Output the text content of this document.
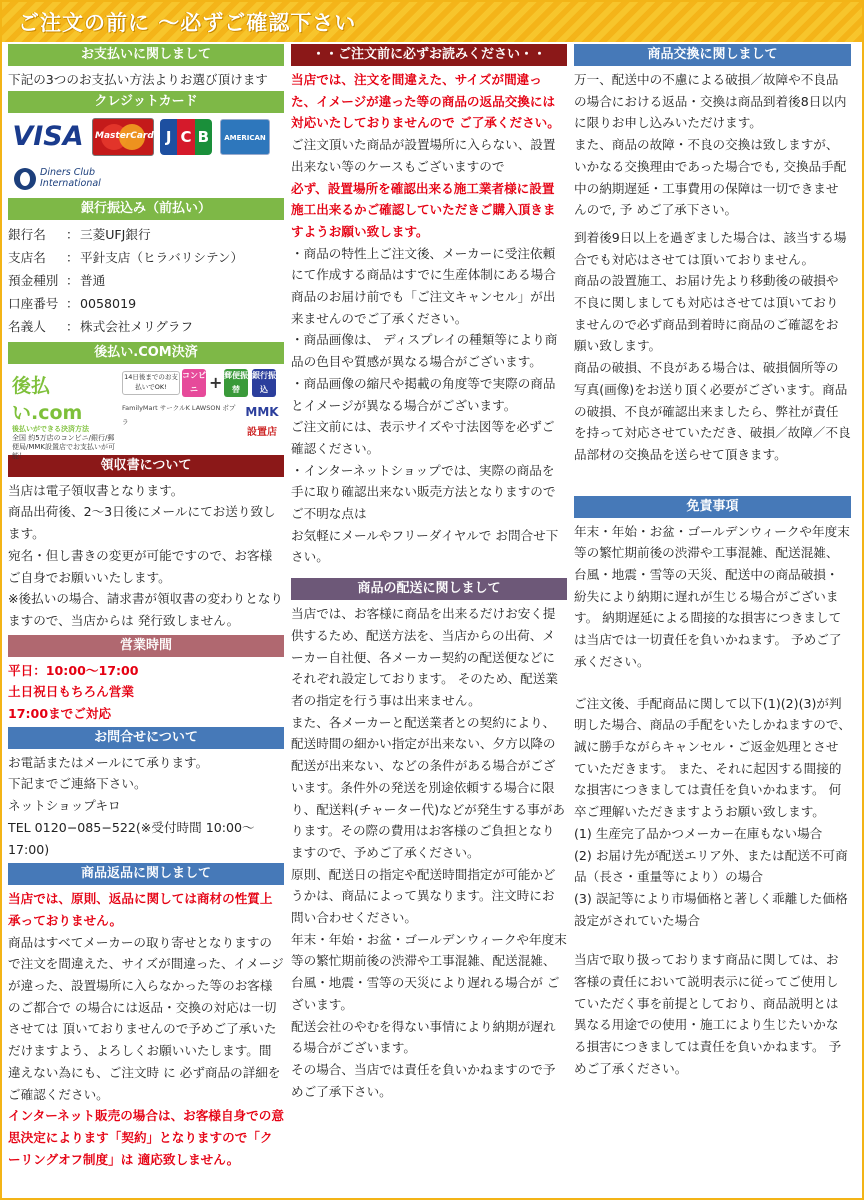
ご注文の前に ～必ずご確認下さい
お支払いに関しまして

下記の3つのお支払い方法よりお選び頂けます

クレジットカード
VISA MasterCard J C B	AMERICAN EXPRESS
Diners Club
International
銀行振込み（前払い）
銀行名	： 三菱UFJ銀行
支店名	： 平針支店（ヒラバリシテン）
預金種別 ： 普通
口座番号 ： 0058019
名義人	： 株式会社メリグラフ
後払い.COM決済
後払い.com
後払いができる決済方法
全国 約5万店のコンビニ/銀行/郵便局/MMK設置店でお支払いが可能！
14日後までのお支払いでOK!
コンビニ + 郵便振替
銀行振込
FamilyMart サークルK LAWSON ポプラ
MMK
設置店
領収書について

当店は電子領収書となります。

商品出荷後、2〜3日後にメールにてお送り致します。

宛名・但し書きの変更が可能ですので、お客様ご自身でお願いいたします。

※後払いの場合、請求書が領収書の変わりとなりますので、当店からは 発行致しません。

営業時間

平日：10:00〜17:00

土日祝日もちろん営業

17:00までご対応

お問合せについて

お電話またはメールにて承ります。

下記までご連絡下さい。

ネットショップキロ

TEL 0120−085−522(※受付時間 10:00〜17:00)

商品返品に関しまして

当店では、原則、返品に関しては商材の性質上承っておりません。

商品はすべてメーカーの取り寄せとなりますので注文を間違えた、サイズが間違った、イメージが違った、設置場所に入らなかった等のお客様のご都合で の場合には返品・交換の対応は一切させては 頂いておりませんので予めご了承いただけますよう、よろしくお願いいたします。間違えない為にも、ご注文時 に 必ず商品の詳細をご確認ください。

インターネット販売の場合は、お客様自身での意思決定によります「契約」となりますので「クーリングオフ制度」は 適応致しません。

・・ご注文前に必ずお読みください・・

当店では、注文を間違えた、サイズが間違った、イメージが違った等の商品の返品交換には対応いたしておりませんので ご了承ください。ご注文頂いた商品が設置場所に入らない、設置出来ない等のケースもございますので

必ず、設置場所を確認出来る施工業者様に設置施工出来るかご確認していただきご購入頂きますようお願い致します。

・商品の特性上ご注文後、メーカーに受注依頼にて作成する商品はすでに生産体制にある場合商品のお届け前でも「ご注文キャンセル」が出来ませんのでご了承ください。

・商品画像は、 ディスプレイの種類等により商品の色目や質感が異なる場合がございます。

・商品画像の縮尺や掲載の角度等で実際の商品とイメージが異なる場合がございます。

ご注文前には、表示サイズや寸法図等を必ずご確認ください。

・インターネットショップでは、実際の商品を手に取り確認出来ない販売方法となりますのでご不明な点は

お気軽にメールやフリーダイヤルで お問合せ下さい。

商品の配送に関しまして

当店では、お客様に商品を出来るだけお安く提供するため、配送方法を、当店からの出荷、メーカー自社便、各メーカー契約の配送便などにそれぞれ設定しております。 そのため、配送業者の指定を行う事は出来ません。

また、各メーカーと配送業者との契約により、配送時間の細かい指定が出来ない、夕方以降の配送が出来ない、などの条件がある場合がございます。条件外の発送を別途依頼する場合に限り、配送料(チャーター代)などが発生する事があります。その際の費用はお客様のご負担となりますので、予めご了承ください。

原則、配送日の指定や配送時間指定が可能かどうかは、商品によって異なります。注文時にお問い合わせください。

年末・年始・お盆・ゴールデンウィークや年度末等の繁忙期前後の渋滞や工事混雑、配送混雑、台風・地震・雪等の天災により遅れる場合が ございます。

配送会社のやむを得ない事情により納期が遅れる場合がございます。

その場合、当店では責任を負いかねますので予めご了承下さい。

商品交換に関しまして

万一、配送中の不慮による破損／故障や不良品の場合における返品・交換は商品到着後8日以内に限りお申し込みいただけます。

また、商品の故障・不良の交換は致しますが、いかなる交換理由であった場合でも, 交換品手配中の納期遅延・工事費用の保障は一切できませんので, 予 めご了承下さい。

到着後9日以上を過ぎました場合は、該当する場合でも対応はさせては頂いておりません。

商品の設置施工、お届け先より移動後の破損や不良に関しましても対応はさせては頂いておりませんので必ず商品到着時に商品のご確認をお願い致します。

商品の破損、不良がある場合は、破損個所等の写真(画像)をお送り頂く必要がございます。商品の破損、不良が確認出来ましたら、弊社が責任を持って対応させていただき、破損／故障／不良品部材の交換品を送らせて頂きます。

免責事項

年末・年始・お盆・ゴールデンウィークや年度末等の繁忙期前後の渋滞や工事混雑、配送混雑、台風・地震・雪等の天災、配送中の商品破損・紛失により納期に遅れが生じる場合がございます。 納期遅延による間接的な損害につきましては当店では一切責任を負いかねます。 予めご了承ください。

ご注文後、手配商品に関して以下(1)(2)(3)が判明した場合、商品の手配をいたしかねますので、誠に勝手ながらキャンセル・ご返金処理とさせていただきます。 また、それに起因する間接的な損害につきましては責任を負いかねます。 何卒ご理解いただきますようお願い致します。

(1) 生産完了品かつメーカー在庫もない場合

(2) お届け先が配送エリア外、または配送不可商品（長さ・重量等により）の場合

(3) 誤記等により市場価格と著しく乖離した価格設定がされていた場合

当店で取り扱っております商品に関しては、お客様の責任において説明表示に従ってご使用していただく事を前提としており、商品説明とは異なる用途での使用・施工により生じたいかなる損害につきましては責任を負いかねます。 予めご了承ください。
